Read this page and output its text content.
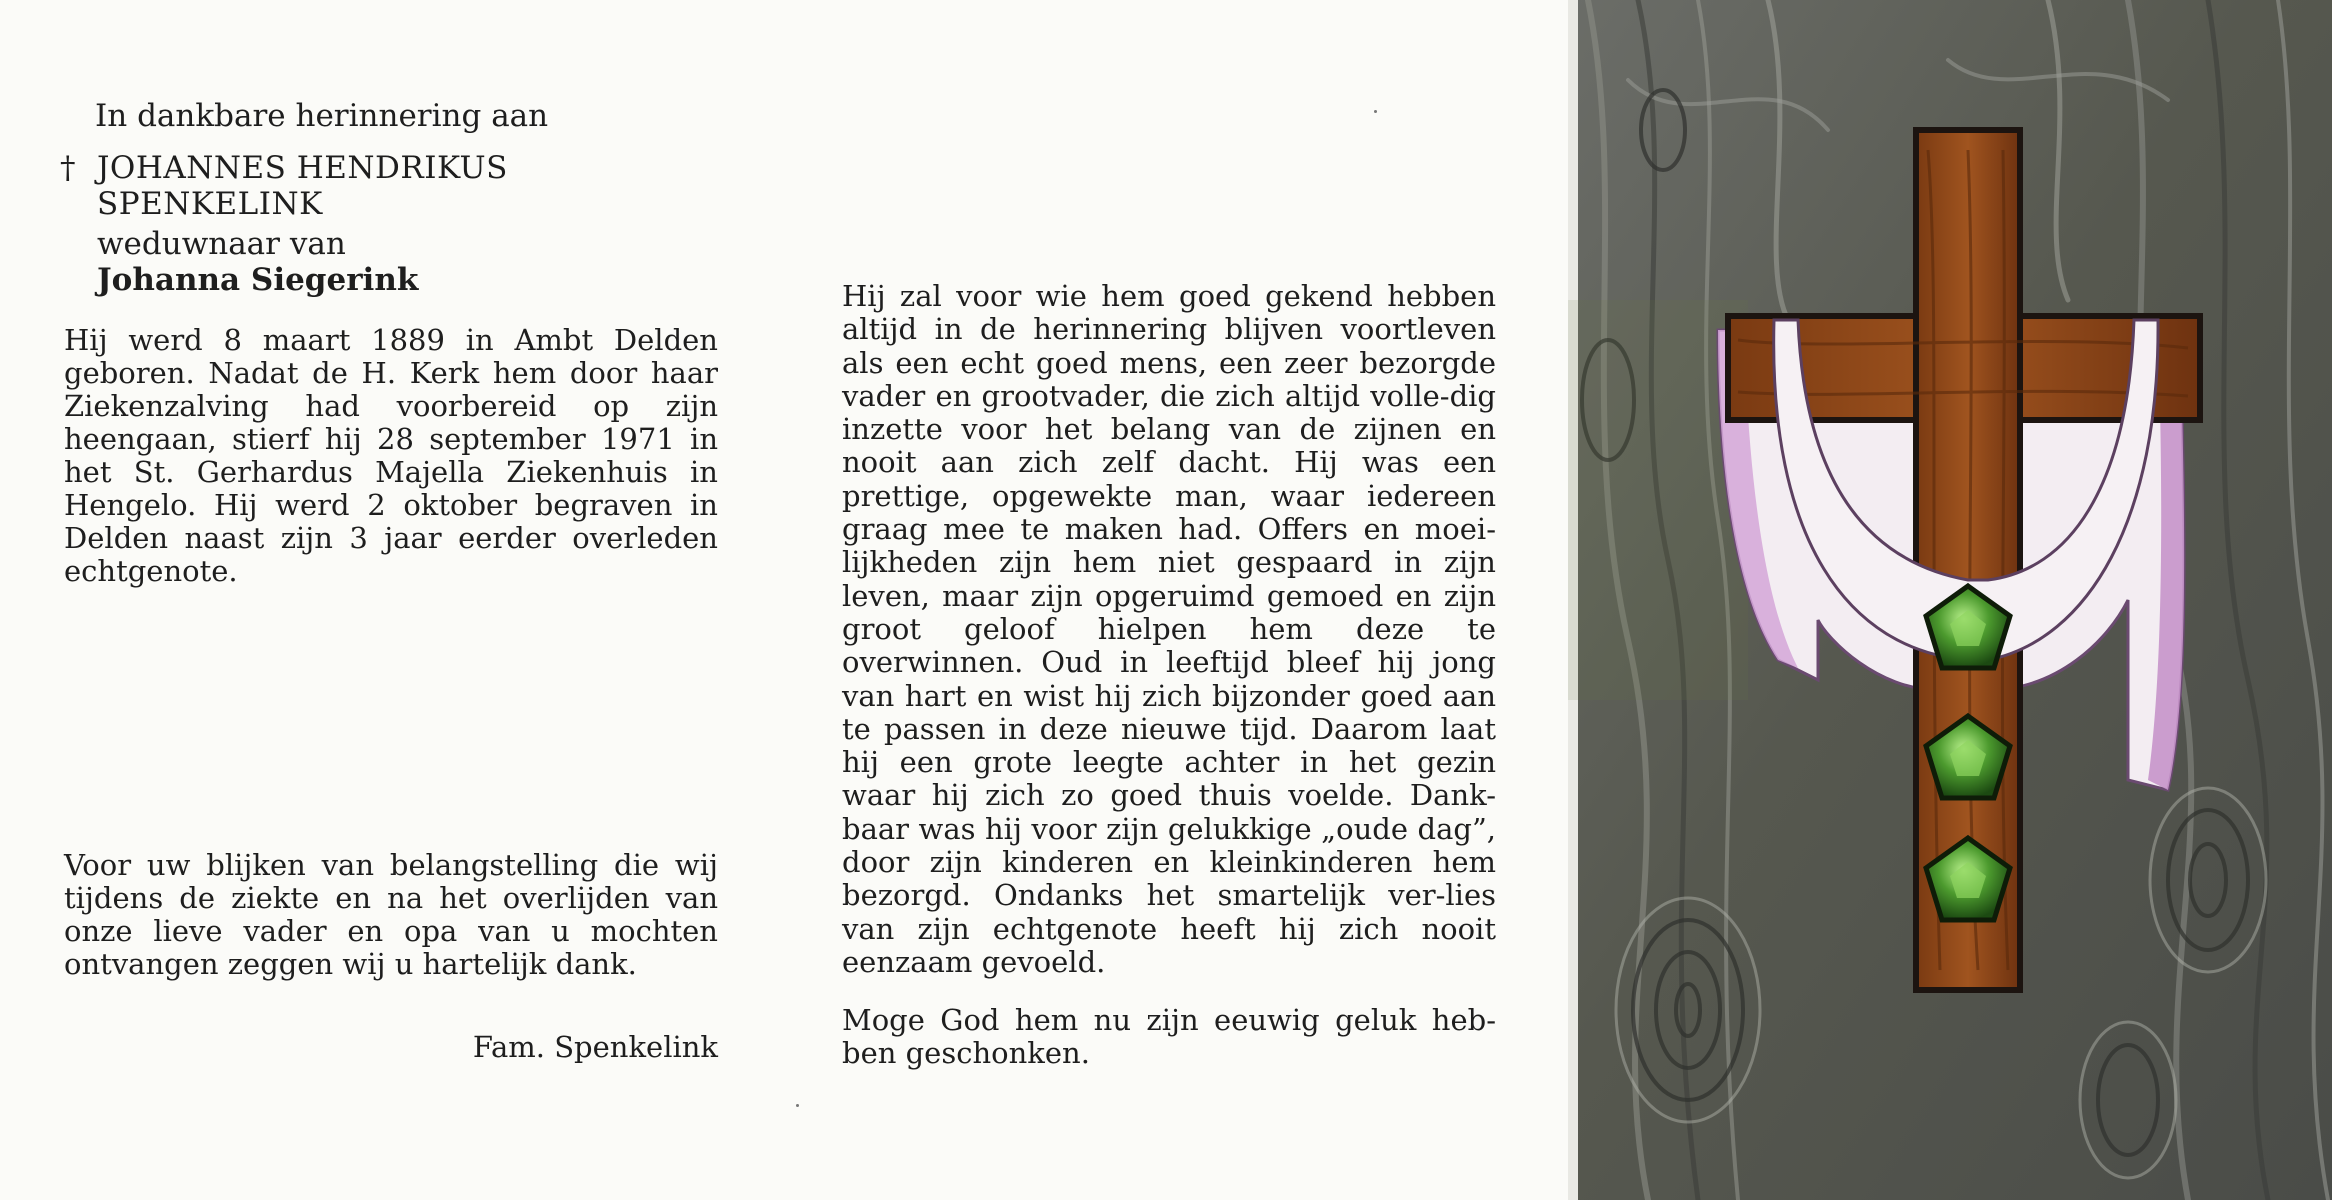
In dankbare herinnering aan
† JOHANNES HENDRIKUS
SPENKELINK
weduwnaar van
Johanna Siegerink
Hij werd 8 maart 1889 in Ambt Delden geboren. Nadat de H. Kerk hem door haar Ziekenzalving had voorbereid op zijn heengaan, stierf hij 28 september 1971 in het St. Gerhardus Majella Ziekenhuis in Hengelo. Hij werd 2 oktober begraven in Delden naast zijn 3 jaar eerder overleden echtgenote.
Voor uw blijken van belangstelling die wij tijdens de ziekte en na het overlijden van onze lieve vader en opa van u mochten ontvangen zeggen wij u hartelijk dank.
Fam. Spenkelink
Hij zal voor wie hem goed gekend hebben altijd in de herinnering blijven voortleven als een echt goed mens, een zeer bezorgde vader en grootvader, die zich altijd volle-dig inzette voor het belang van de zijnen en nooit aan zich zelf dacht. Hij was een prettige, opgewekte man, waar iedereen graag mee te maken had. Offers en moei-lijkheden zijn hem niet gespaard in zijn leven, maar zijn opgeruimd gemoed en zijn groot geloof hielpen hem deze te overwinnen. Oud in leeftijd bleef hij jong van hart en wist hij zich bijzonder goed aan te passen in deze nieuwe tijd. Daarom laat hij een grote leegte achter in het gezin waar hij zich zo goed thuis voelde. Dank-baar was hij voor zijn gelukkige „oude dag”, door zijn kinderen en kleinkinderen hem bezorgd. Ondanks het smartelijk ver-lies van zijn echtgenote heeft hij zich nooit eenzaam gevoeld.
Moge God hem nu zijn eeuwig geluk heb-ben geschonken.
